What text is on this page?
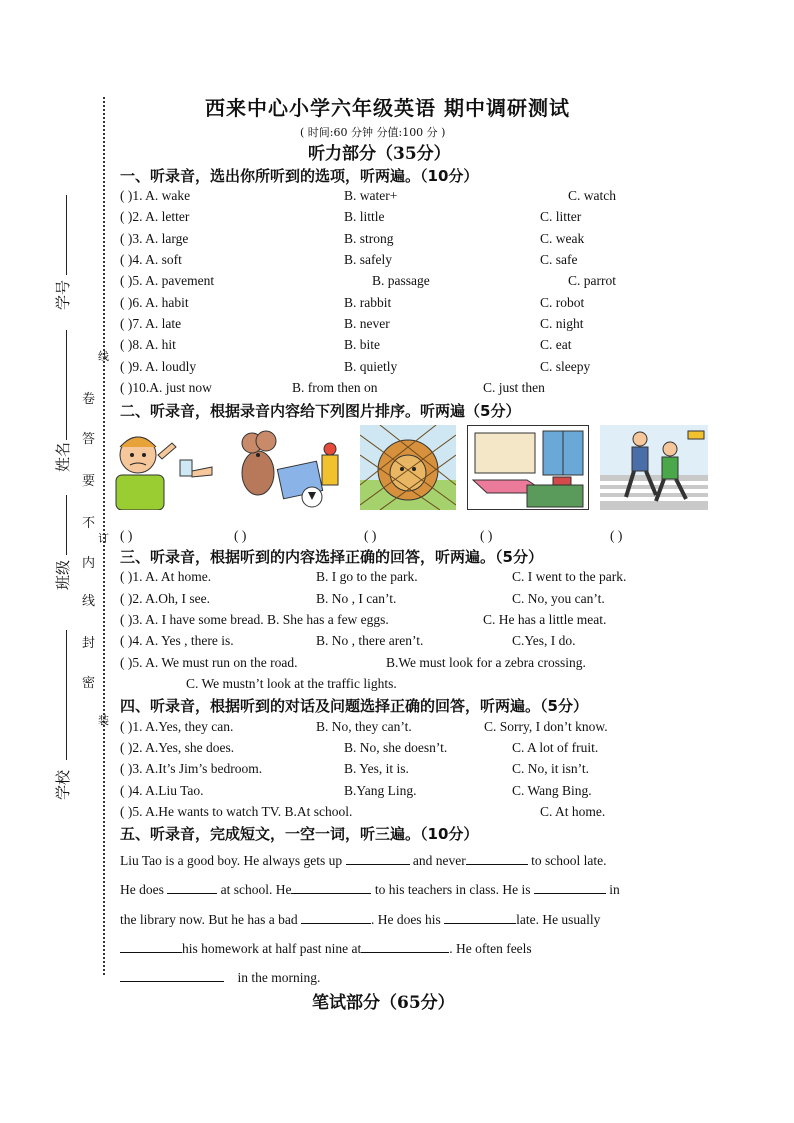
学号
姓名
班级
学校
卷
答
要
不
内
线
封
密
线
订
装
西来中心小学六年级英语 期中调研测试
( 时间:60 分钟 分值:100 分 )
听力部分（35分）
一、听录音，选出你所听到的选项，听两遍。（10分）
( )1. A. wake	B. water+	C. watch
( )2. A. letter	B. little	C. litter
( )3. A. large	B. strong	C. weak
( )4. A. soft	B. safely	C. safe
( )5. A. pavement	B. passage	C. parrot
( )6. A. habit	B. rabbit	C. robot
( )7. A. late	B. never	C. night
( )8. A. hit	B. bite	C. eat
( )9. A. loudly	B. quietly	C. sleepy
( )10.A. just now	B. from then on	C. just then
二、听录音，根据录音内容给下列图片排序。听两遍（5分）
( )	( )	( )	( )	( )
三、听录音，根据听到的内容选择正确的回答，听两遍。（5分）
( )1. A. At home.	B. I go to the park.	C. I went to the park.
( )2. A.Oh, I see.	B. No , I can’t.	C. No, you can’t.
( )3. A. I have some bread. B. She has a few eggs.	C. He has a little meat.
( )4. A. Yes , there is.	B. No , there aren’t.	C.Yes, I do.
( )5. A. We must run on the road.	B.We must look for a zebra crossing.
C. We mustn’t look at the traffic lights.
四、听录音，根据听到的对话及问题选择正确的回答，听两遍。（5分）
( )1. A.Yes, they can.	B. No, they can’t.	C. Sorry, I don’t know.
( )2. A.Yes, she does.	B. No, she doesn’t.	C. A lot of fruit.
( )3. A.It’s Jim’s bedroom.	B. Yes, it is.	C. No, it isn’t.
( )4. A.Liu Tao.	B.Yang Ling.	C. Wang Bing.
( )5. A.He wants to watch TV. B.At school.	C. At home.
五、听录音，完成短文，一空一词，听三遍。（10分）
Liu Tao is a good boy. He always gets up	and never	to school late.
He does	at school. He	to his teachers in class. He is	in
the library now. But he has a bad	. He does his	late. He usually
his homework at half past nine at	. He often feels
in the morning.
笔试部分（65分）
